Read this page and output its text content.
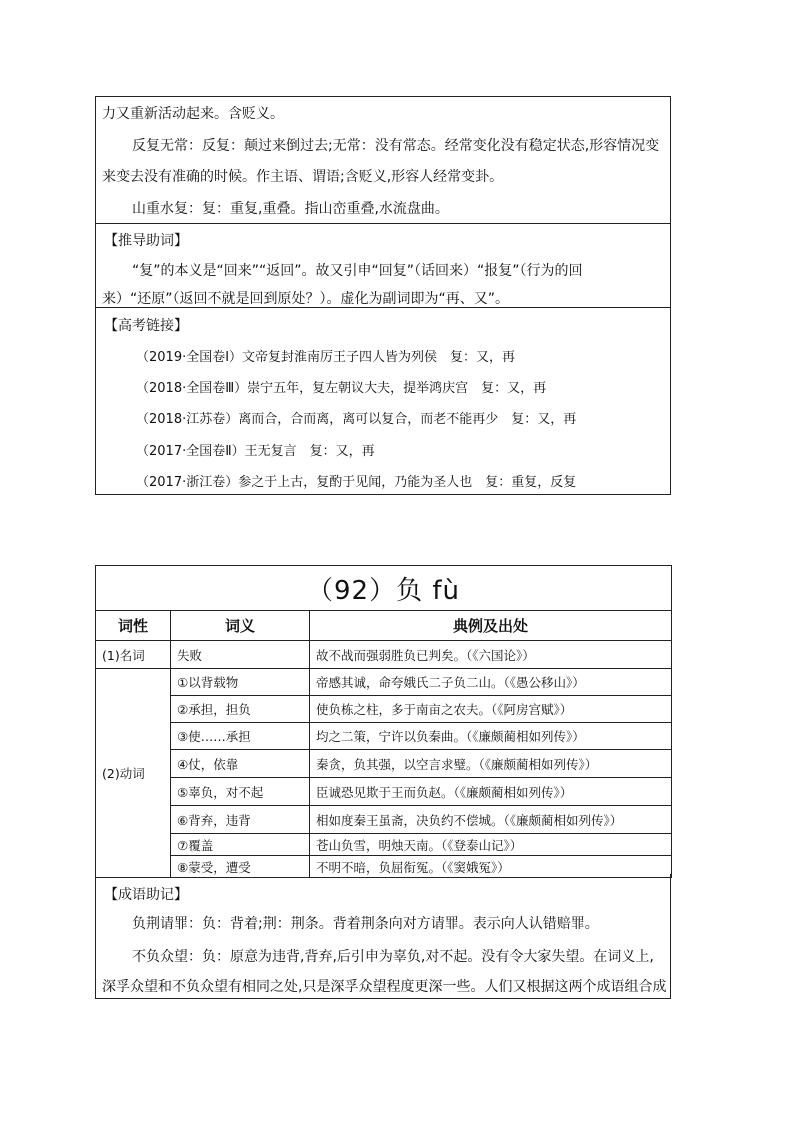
力又重新活动起来。含贬义。
反复无常：反复：颠过来倒过去;无常：没有常态。经常变化没有稳定状态,形容情况变
来变去没有准确的时候。作主语、谓语;含贬义,形容人经常变卦。
山重水复：复：重复,重叠。指山峦重叠,水流盘曲。
【推导助词】
“复”的本义是“回来”“返回”。故又引申“回复”（话回来）“报复”（行为的回
来）“还原”（返回不就是回到原处？）。虚化为副词即为“再、又”。
【高考链接】
（2019·全国卷Ⅰ）文帝复封淮南厉王子四人皆为列侯　复：又，再
（2018·全国卷Ⅲ）崇宁五年，复左朝议大夫，提举鸿庆宫　复：又，再
（2018·江苏卷）离而合，合而离，离可以复合，而老不能再少　复：又，再
（2017·全国卷Ⅱ）王无复言　复：又，再
（2017·浙江卷）参之于上古，复酌于见闻，乃能为圣人也　复：重复，反复
（92）负 fù		
词性	词义	典例及出处
(1)名词	失败	故不战而强弱胜负已判矣。（《六国论》）
(2)动词	①以背载物	帝感其诚，命夸娥氏二子负二山。（《愚公移山》）
	②承担，担负	使负栋之柱，多于南亩之农夫。（《阿房宫赋》）
	③使……承担	均之二策，宁许以负秦曲。（《廉颇蔺相如列传》）
	④仗，依靠	秦贪，负其强，以空言求璧。（《廉颇蔺相如列传》）
	⑤辜负，对不起	臣诚恐见欺于王而负赵。（《廉颇蔺相如列传》）
	⑥背弃，违背	相如度秦王虽斋，决负约不偿城。（《廉颇蔺相如列传》）
	⑦覆盖	苍山负雪，明烛天南。（《登泰山记》）
	⑧蒙受，遭受	不明不暗，负屈衔冤。（《窦娥冤》）
【成语助记】
负荆请罪：负：背着;荆：荆条。背着荆条向对方请罪。表示向人认错赔罪。
不负众望：负：原意为违背,背弃,后引申为辜负,对不起。没有令大家失望。在词义上,
深孚众望和不负众望有相同之处,只是深孚众望程度更深一些。人们又根据这两个成语组合成
